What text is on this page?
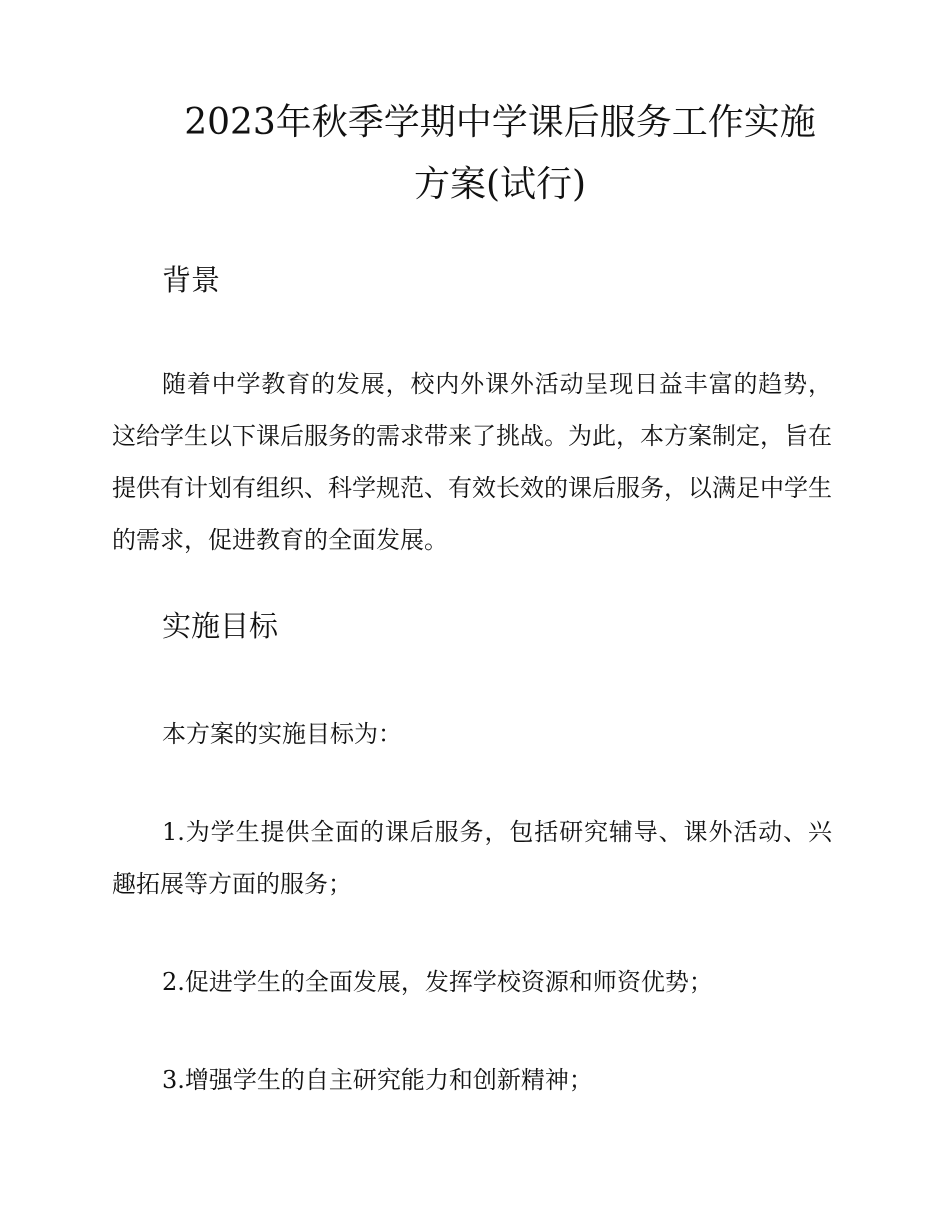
2023年秋季学期中学课后服务工作实施
方案(试行)
背景

随着中学教育的发展，校内外课外活动呈现日益丰富的趋势，这给学生以下课后服务的需求带来了挑战。为此，本方案制定，旨在提供有计划有组织、科学规范、有效长效的课后服务，以满足中学生的需求，促进教育的全面发展。

实施目标

本方案的实施目标为：

1.为学生提供全面的课后服务，包括研究辅导、课外活动、兴趣拓展等方面的服务；

2.促进学生的全面发展，发挥学校资源和师资优势；

3.增强学生的自主研究能力和创新精神；
